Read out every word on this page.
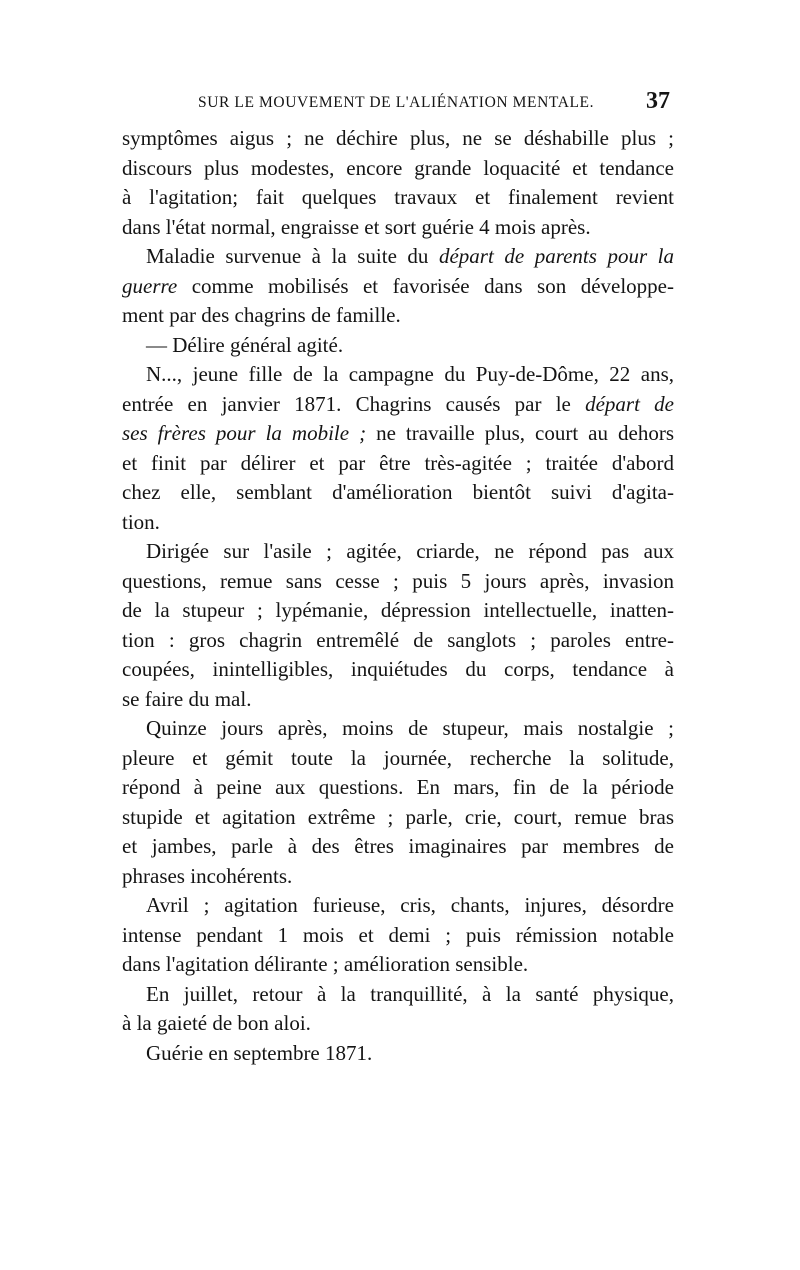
SUR LE MOUVEMENT DE L'ALIÉNATION MENTALE. 37
symptômes aigus ; ne déchire plus, ne se déshabille plus ;
discours plus modestes, encore grande loquacité et tendance
à l'agitation; fait quelques travaux et finalement revient
dans l'état normal, engraisse et sort guérie 4 mois après.
Maladie survenue à la suite du départ de parents pour la
guerre comme mobilisés et favorisée dans son développe-
ment par des chagrins de famille.
— Délire général agité.
N..., jeune fille de la campagne du Puy-de-Dôme, 22 ans,
entrée en janvier 1871. Chagrins causés par le départ de
ses frères pour la mobile ; ne travaille plus, court au dehors
et finit par délirer et par être très-agitée ; traitée d'abord
chez elle, semblant d'amélioration bientôt suivi d'agita-
tion.
Dirigée sur l'asile ; agitée, criarde, ne répond pas aux
questions, remue sans cesse ; puis 5 jours après, invasion
de la stupeur ; lypémanie, dépression intellectuelle, inatten-
tion : gros chagrin entremêlé de sanglots ; paroles entre-
coupées, inintelligibles, inquiétudes du corps, tendance à
se faire du mal.
Quinze jours après, moins de stupeur, mais nostalgie ;
pleure et gémit toute la journée, recherche la solitude,
répond à peine aux questions. En mars, fin de la période
stupide et agitation extrême ; parle, crie, court, remue bras
et jambes, parle à des êtres imaginaires par membres de
phrases incohérents.
Avril ; agitation furieuse, cris, chants, injures, désordre
intense pendant 1 mois et demi ; puis rémission notable
dans l'agitation délirante ; amélioration sensible.
En juillet, retour à la tranquillité, à la santé physique,
à la gaieté de bon aloi.
Guérie en septembre 1871.
